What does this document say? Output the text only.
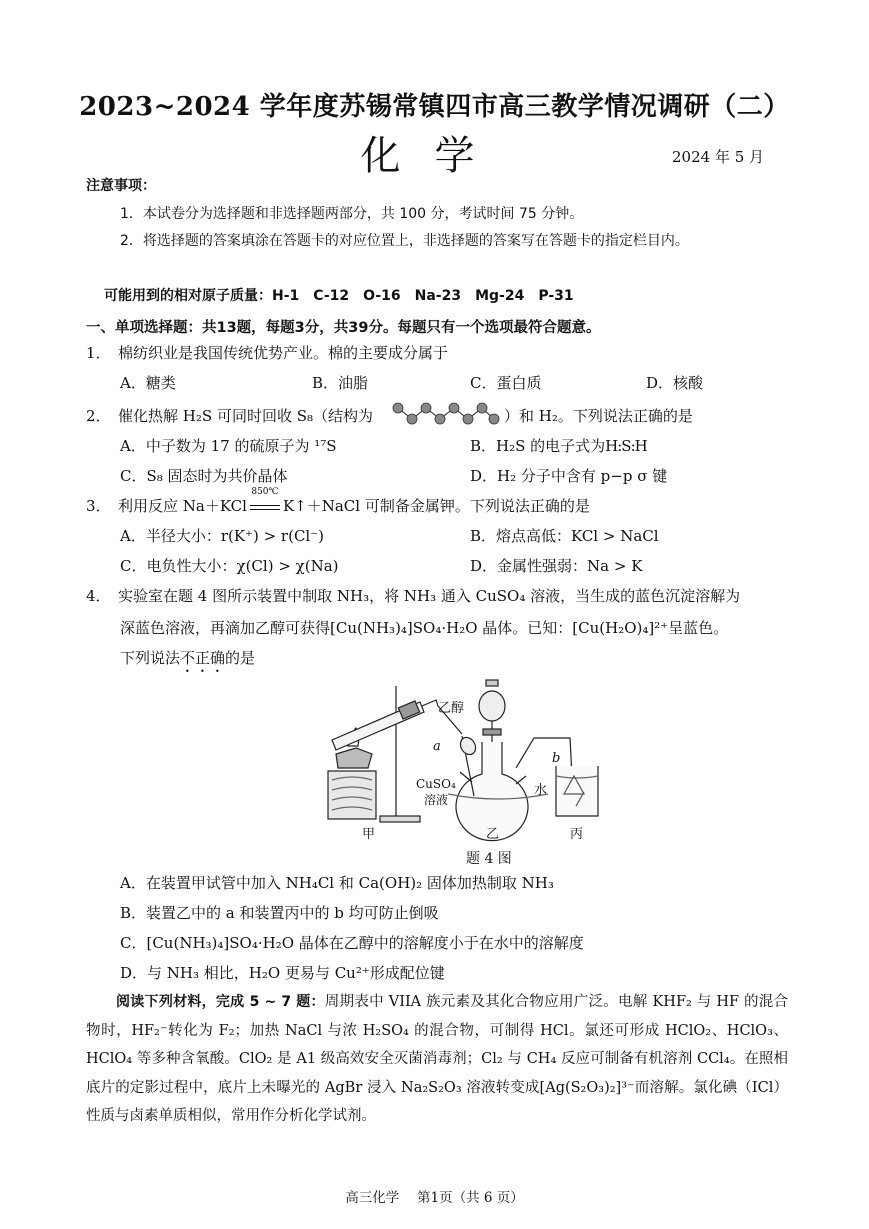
2023~2024 学年度苏锡常镇四市高三教学情况调研（二）
化学	2024 年 5 月
注意事项：
1．本试卷分为选择题和非选择题两部分，共 100 分，考试时间 75 分钟。
2．将选择题的答案填涂在答题卡的对应位置上，非选择题的答案写在答题卡的指定栏目内。
可能用到的相对原子质量：H-1　C-12　O-16　Na-23　Mg-24　P-31
一、单项选择题：共13题，每题3分，共39分。每题只有一个选项最符合题意。
1．　棉纺织业是我国传统优势产业。棉的主要成分属于
A．糖类	B．油脂	C．蛋白质	D．核酸
2．　催化热解 H₂S 可同时回收 S₈（结构为	）和 H₂。下列说法正确的是
A．中子数为 17 的硫原子为 ¹⁷S	B．H₂S 的电子式为H:S:H
C．S₈ 固态时为共价晶体	D．H₂ 分子中含有 p−p σ 键
3．　利用反应 Na＋KCl
850℃
K↑＋NaCl 可制备金属钾。下列说法正确的是
A．半径大小：r(K⁺) > r(Cl⁻)	B．熔点高低：KCl > NaCl
C．电负性大小：χ(Cl) > χ(Na)	D．金属性强弱：Na > K
4．　实验室在题 4 图所示装置中制取 NH₃，将 NH₃ 通入 CuSO₄ 溶液，当生成的蓝色沉淀溶解为
深蓝色溶液，再滴加乙醇可获得[Cu(NH₃)₄]SO₄·H₂O 晶体。已知：[Cu(H₂O)₄]²⁺呈蓝色。
下列说法不正确的是
乙醇
a
b
CuSO₄
溶液
水
甲	乙	丙
题 4 图
A．在装置甲试管中加入 NH₄Cl 和 Ca(OH)₂ 固体加热制取 NH₃
B．装置乙中的 a 和装置丙中的 b 均可防止倒吸
C．[Cu(NH₃)₄]SO₄·H₂O 晶体在乙醇中的溶解度小于在水中的溶解度
D．与 NH₃ 相比，H₂O 更易与 Cu²⁺形成配位键
阅读下列材料，完成 5 ~ 7 题：周期表中 VIIA 族元素及其化合物应用广泛。电解 KHF₂ 与 HF 的混合物时，HF₂⁻转化为 F₂；加热 NaCl 与浓 H₂SO₄ 的混合物，可制得 HCl。氯还可形成 HClO₂、HClO₃、HClO₄ 等多种含氧酸。ClO₂ 是 A1 级高效安全灭菌消毒剂；Cl₂ 与 CH₄ 反应可制备有机溶剂 CCl₄。在照相底片的定影过程中，底片上未曝光的 AgBr 浸入 Na₂S₂O₃ 溶液转变成[Ag(S₂O₃)₂]³⁻而溶解。氯化碘（ICl）性质与卤素单质相似，常用作分析化学试剂。
高三化学　 第1页（共 6 页）
